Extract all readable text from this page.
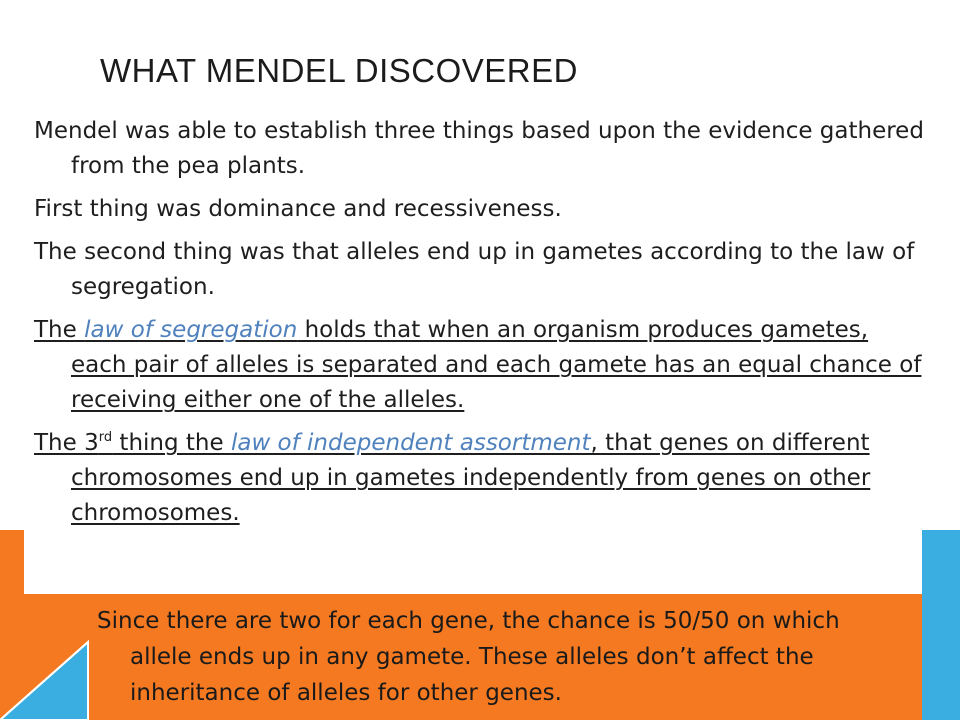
WHAT MENDEL DISCOVERED

Mendel was able to establish three things based upon the evidence gathered from the pea plants.

First thing was dominance and recessiveness.

The second thing was that alleles end up in gametes according to the law of segregation.

The law of segregation holds that when an organism produces gametes, each pair of alleles is separated and each gamete has an equal chance of receiving either one of the alleles.

The 3rd thing the law of independent assortment, that genes on different chromosomes end up in gametes independently from genes on other chromosomes.

Since there are two for each gene, the chance is 50/50 on which allele ends up in any gamete. These alleles don’t affect the inheritance of alleles for other genes.
